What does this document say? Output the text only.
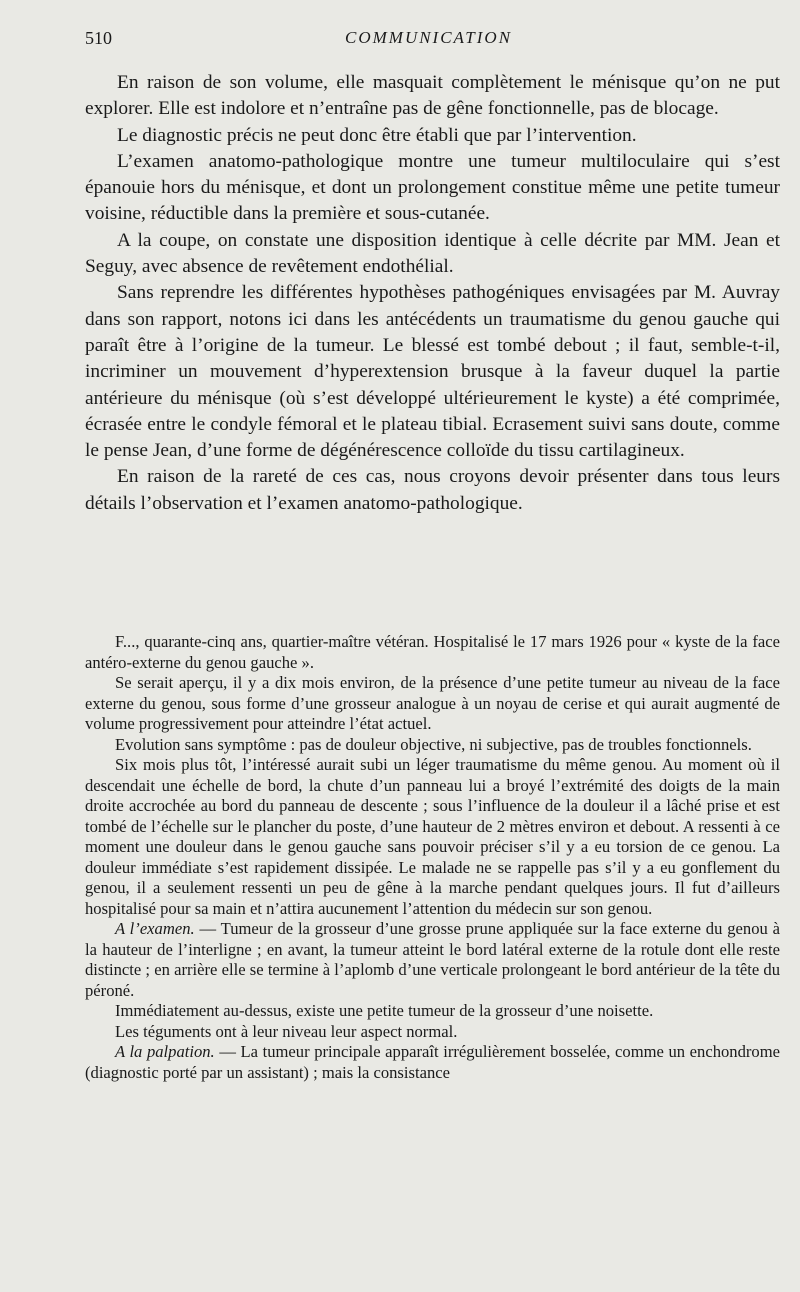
510	COMMUNICATION

En raison de son volume, elle masquait complètement le ménisque qu’on ne put explorer. Elle est indolore et n’entraîne pas de gêne fonctionnelle, pas de blocage.

Le diagnostic précis ne peut donc être établi que par l’intervention.

L’examen anatomo-pathologique montre une tumeur multiloculaire qui s’est épanouie hors du ménisque, et dont un prolongement constitue même une petite tumeur voisine, réductible dans la première et sous-cutanée.

A la coupe, on constate une disposition identique à celle décrite par MM. Jean et Seguy, avec absence de revêtement endothélial.

Sans reprendre les différentes hypothèses pathogéniques envisagées par M. Auvray dans son rapport, notons ici dans les antécédents un traumatisme du genou gauche qui paraît être à l’origine de la tumeur. Le blessé est tombé debout ; il faut, semble-t-il, incriminer un mouvement d’hyperextension brusque à la faveur duquel la partie antérieure du ménisque (où s’est développé ultérieurement le kyste) a été comprimée, écrasée entre le condyle fémoral et le plateau tibial. Ecrasement suivi sans doute, comme le pense Jean, d’une forme de dégénérescence colloïde du tissu cartilagineux.

En raison de la rareté de ces cas, nous croyons devoir présenter dans tous leurs détails l’observation et l’examen anatomo-pathologique.

F..., quarante-cinq ans, quartier-maître vétéran. Hospitalisé le 17 mars 1926 pour « kyste de la face antéro-externe du genou gauche ».

Se serait aperçu, il y a dix mois environ, de la présence d’une petite tumeur au niveau de la face externe du genou, sous forme d’une grosseur analogue à un noyau de cerise et qui aurait augmenté de volume progressivement pour atteindre l’état actuel.

Evolution sans symptôme : pas de douleur objective, ni subjective, pas de troubles fonctionnels.

Six mois plus tôt, l’intéressé aurait subi un léger traumatisme du même genou. Au moment où il descendait une échelle de bord, la chute d’un panneau lui a broyé l’extrémité des doigts de la main droite accrochée au bord du panneau de descente ; sous l’influence de la douleur il a lâché prise et est tombé de l’échelle sur le plancher du poste, d’une hauteur de 2 mètres environ et debout. A ressenti à ce moment une douleur dans le genou gauche sans pouvoir préciser s’il y a eu torsion de ce genou. La douleur immédiate s’est rapidement dissipée. Le malade ne se rappelle pas s’il y a eu gonflement du genou, il a seulement ressenti un peu de gêne à la marche pendant quelques jours. Il fut d’ailleurs hospitalisé pour sa main et n’attira aucunement l’attention du médecin sur son genou.

A l’examen. — Tumeur de la grosseur d’une grosse prune appliquée sur la face externe du genou à la hauteur de l’interligne ; en avant, la tumeur atteint le bord latéral externe de la rotule dont elle reste distincte ; en arrière elle se termine à l’aplomb d’une verticale prolongeant le bord antérieur de la tête du péroné.

Immédiatement au-dessus, existe une petite tumeur de la grosseur d’une noisette.

Les téguments ont à leur niveau leur aspect normal.

A la palpation. — La tumeur principale apparaît irrégulièrement bosselée, comme un enchondrome (diagnostic porté par un assistant) ; mais la consistance
